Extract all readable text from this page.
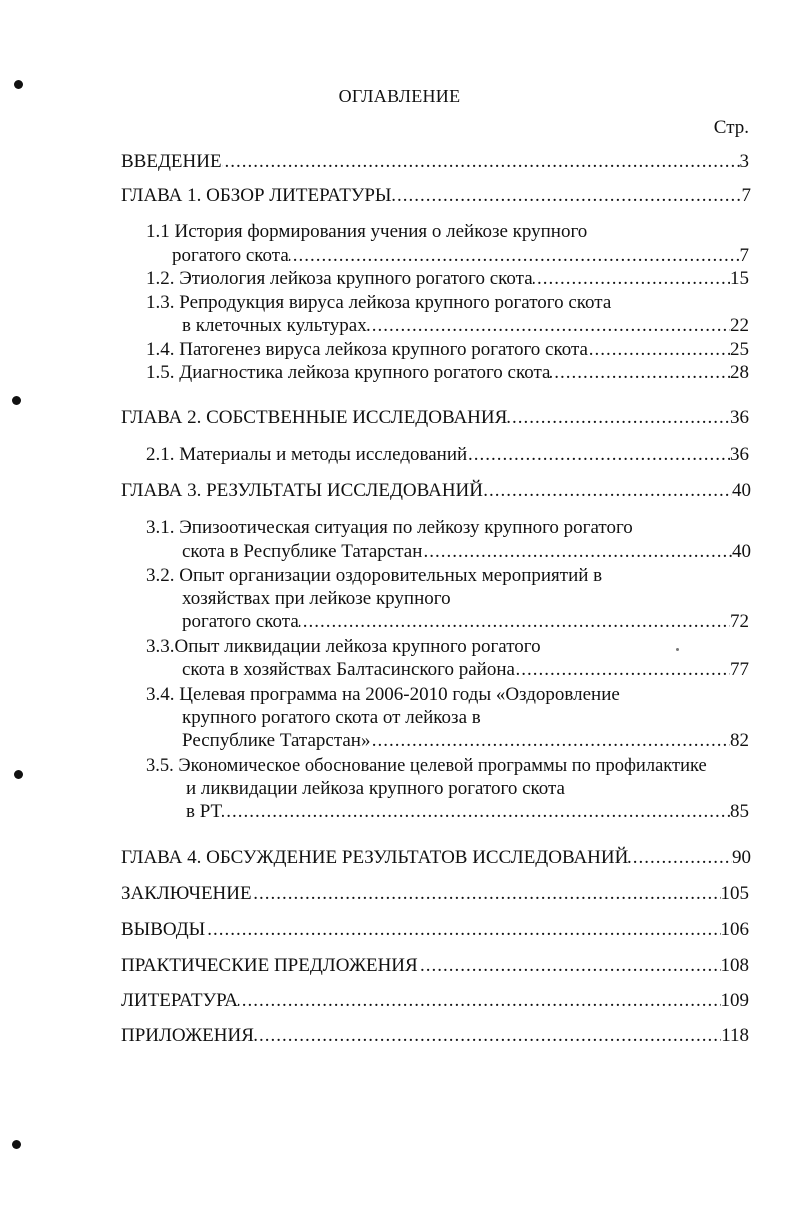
ОГЛАВЛЕНИЕ
Стр.
.....
ВВЕДЕНИЕ	3
.....
ГЛАВА 1. ОБЗОР ЛИТЕРАТУРЫ	7
1.1 История формирования учения о лейкозе крупного
.....
рогатого скота	7
.....
1.2. Этиология лейкоза крупного рогатого скота	15
1.3. Репродукция вируса лейкоза крупного рогатого скота
.....
в клеточных культурах	22
.....
1.4. Патогенез вируса лейкоза крупного рогатого скота	25
.....
1.5. Диагностика лейкоза крупного рогатого скота	28
.....
ГЛАВА 2. СОБСТВЕННЫЕ ИССЛЕДОВАНИЯ	36
.....
2.1. Материалы и методы исследований	36
.....
ГЛАВА 3. РЕЗУЛЬТАТЫ ИССЛЕДОВАНИЙ	40
3.1. Эпизоотическая ситуация по лейкозу крупного рогатого
.....
скота в Республике Татарстан	40
3.2. Опыт организации оздоровительных мероприятий в
хозяйствах при лейкозе крупного
.....
рогатого скота	72
3.3.Опыт ликвидации лейкоза крупного рогатого
.....
скота в хозяйствах Балтасинского района	77
3.4. Целевая программа на 2006-2010 годы «Оздоровление
крупного рогатого скота от лейкоза в
.....
Республике Татарстан»	82
3.5. Экономическое обоснование целевой программы по профилактике
и ликвидации лейкоза крупного рогатого скота
.....
в РТ	85
.....
ГЛАВА 4. ОБСУЖДЕНИЕ РЕЗУЛЬТАТОВ ИССЛЕДОВАНИЙ	90
.....
ЗАКЛЮЧЕНИЕ	105
.....
ВЫВОДЫ	106
.....
ПРАКТИЧЕСКИЕ ПРЕДЛОЖЕНИЯ	108
.....
ЛИТЕРАТУРА	109
.....
ПРИЛОЖЕНИЯ	118
